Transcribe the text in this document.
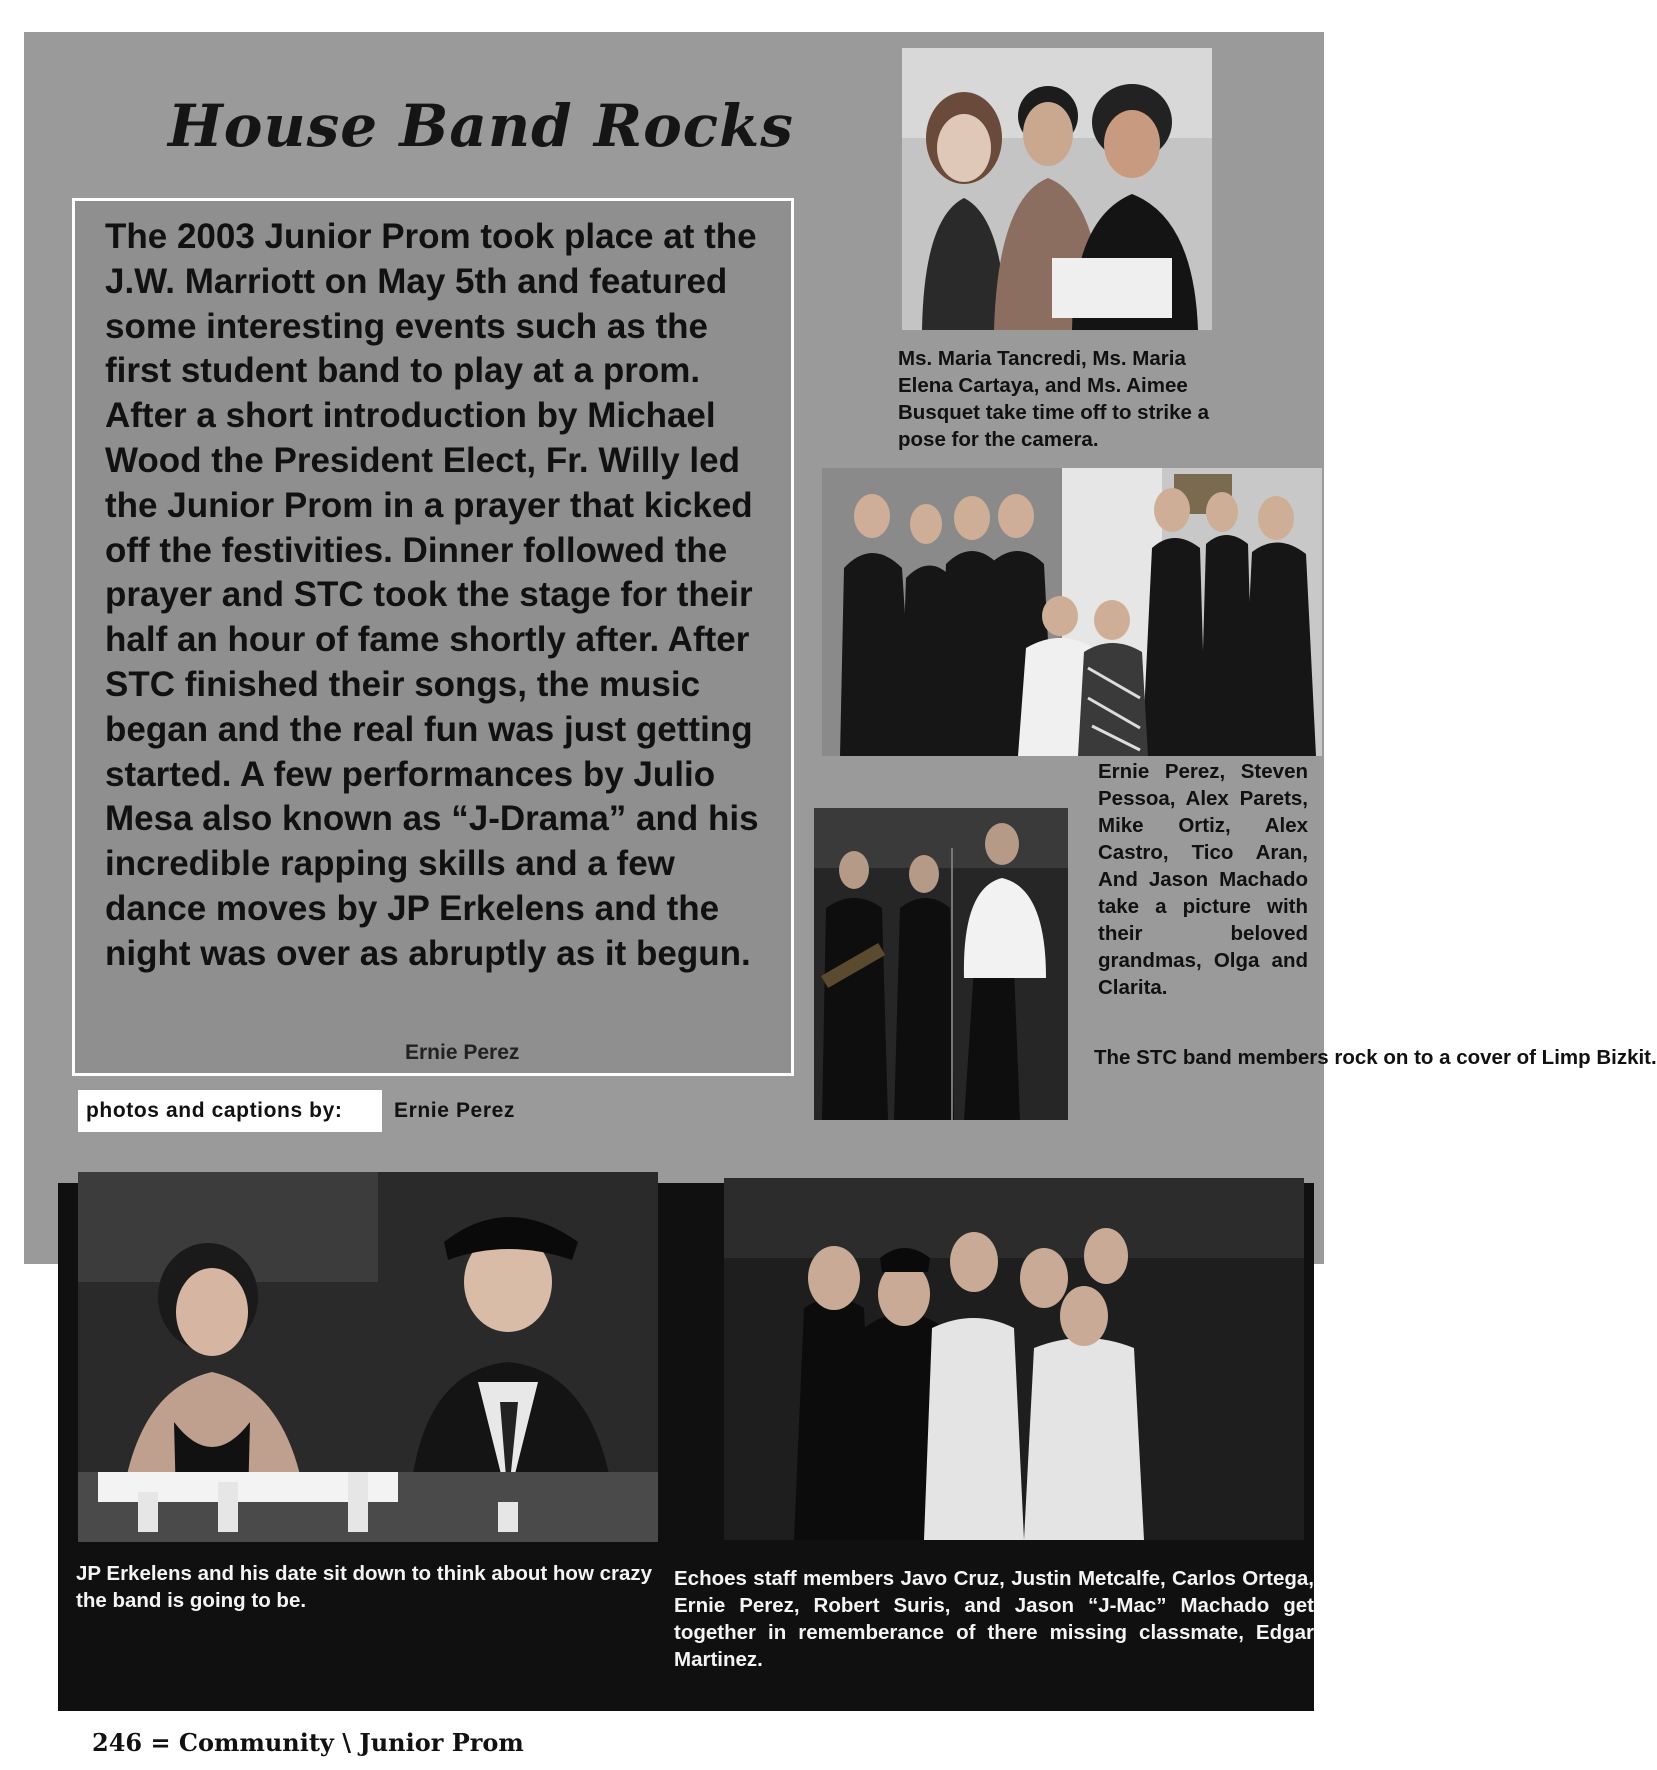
House Band Rocks

The 2003 Junior Prom took place at the J.W. Marriott on May 5th and featured some interesting events such as the first student band to play at a prom. After a short introduction by Michael Wood the President Elect, Fr. Willy led the Junior Prom in a prayer that kicked off the festivities. Dinner followed the prayer and STC took the stage for their half an hour of fame shortly after. After STC finished their songs, the music began and the real fun was just getting started. A few performances by Julio Mesa also known as “J-Drama” and his incredible rapping skills and a few dance moves by JP Erkelens and the night was over as abruptly as it begun.

Ernie Perez
photos and captions by:	Ernie Perez

Ms. Maria Tancredi, Ms. Maria Elena Cartaya, and Ms. Aimee Busquet take time off to strike a pose for the camera.

Ernie Perez, Steven Pessoa, Alex Parets, Mike Ortiz, Alex Castro, Tico Aran, And Jason Machado take a picture with their beloved grandmas, Olga and Clarita.

The STC band members rock on to a cover of Limp Bizkit.

JP Erkelens and his date sit down to think about how crazy the band is going to be.

Echoes staff members Javo Cruz, Justin Metcalfe, Carlos Ortega, Ernie Perez, Robert Suris, and Jason “J-Mac” Machado get together in rememberance of there missing classmate, Edgar Martinez.

246 = Community \ Junior Prom
